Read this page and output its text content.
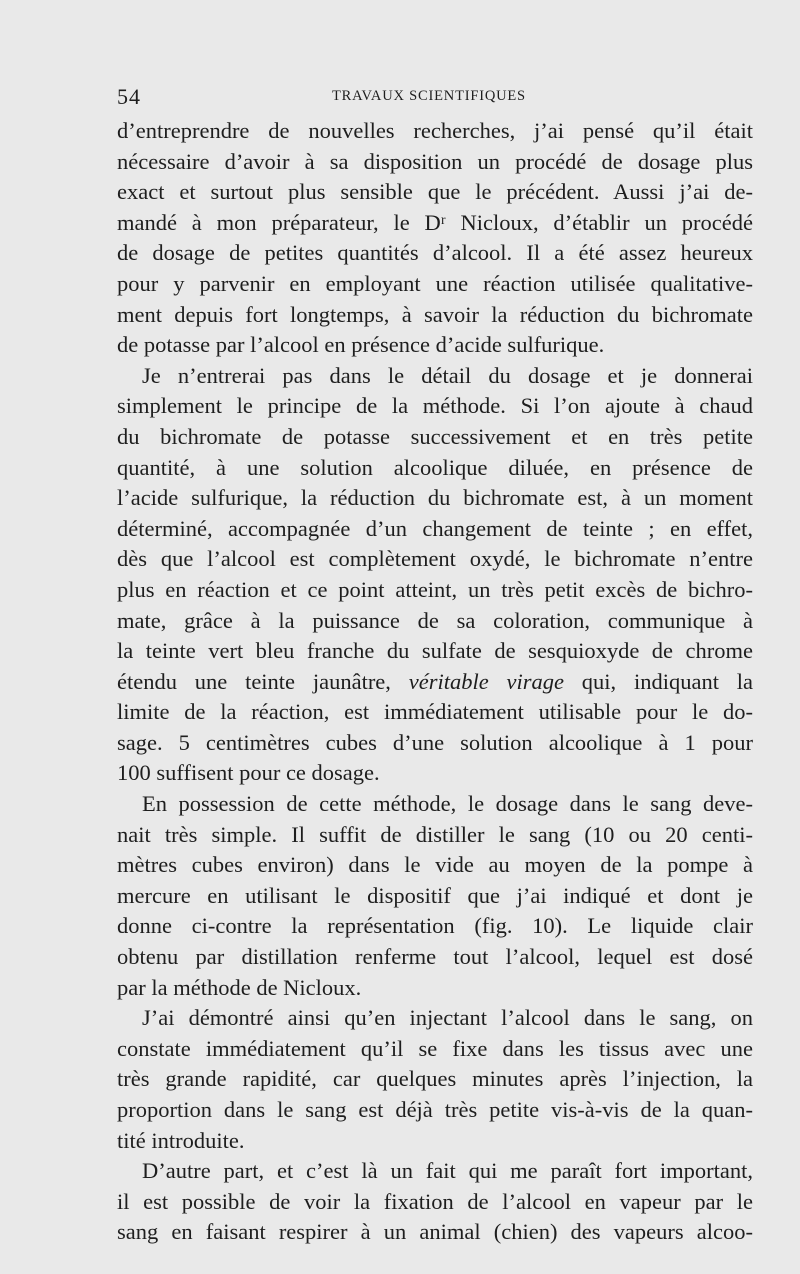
54	TRAVAUX SCIENTIFIQUES
d’entreprendre de nouvelles recherches, j’ai pensé qu’il était
nécessaire d’avoir à sa disposition un procédé de dosage plus
exact et surtout plus sensible que le précédent. Aussi j’ai de-
mandé à mon préparateur, le Dʳ Nicloux, d’établir un procédé
de dosage de petites quantités d’alcool. Il a été assez heureux
pour y parvenir en employant une réaction utilisée qualitative-
ment depuis fort longtemps, à savoir la réduction du bichromate
de potasse par l’alcool en présence d’acide sulfurique.
Je n’entrerai pas dans le détail du dosage et je donnerai
simplement le principe de la méthode. Si l’on ajoute à chaud
du bichromate de potasse successivement et en très petite
quantité, à une solution alcoolique diluée, en présence de
l’acide sulfurique, la réduction du bichromate est, à un moment
déterminé, accompagnée d’un changement de teinte ; en effet,
dès que l’alcool est complètement oxydé, le bichromate n’entre
plus en réaction et ce point atteint, un très petit excès de bichro-
mate, grâce à la puissance de sa coloration, communique à
la teinte vert bleu franche du sulfate de sesquioxyde de chrome
étendu une teinte jaunâtre, véritable virage qui, indiquant la
limite de la réaction, est immédiatement utilisable pour le do-
sage. 5 centimètres cubes d’une solution alcoolique à 1 pour
100 suffisent pour ce dosage.
En possession de cette méthode, le dosage dans le sang deve-
nait très simple. Il suffit de distiller le sang (10 ou 20 centi-
mètres cubes environ) dans le vide au moyen de la pompe à
mercure en utilisant le dispositif que j’ai indiqué et dont je
donne ci-contre la représentation (fig. 10). Le liquide clair
obtenu par distillation renferme tout l’alcool, lequel est dosé
par la méthode de Nicloux.
J’ai démontré ainsi qu’en injectant l’alcool dans le sang, on
constate immédiatement qu’il se fixe dans les tissus avec une
très grande rapidité, car quelques minutes après l’injection, la
proportion dans le sang est déjà très petite vis-à-vis de la quan-
tité introduite.
D’autre part, et c’est là un fait qui me paraît fort important,
il est possible de voir la fixation de l’alcool en vapeur par le
sang en faisant respirer à un animal (chien) des vapeurs alcoo-
